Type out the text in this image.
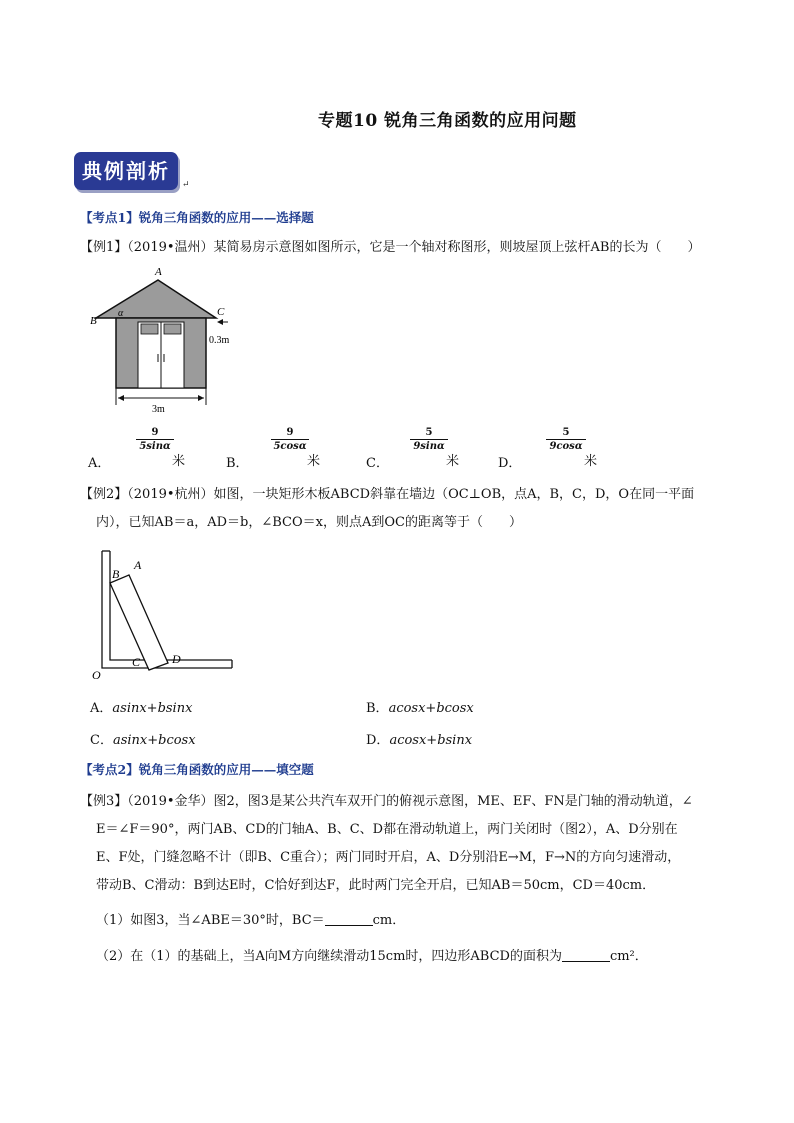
专题10 锐角三角函数的应用问题
典例剖析
↵
【考点1】锐角三角函数的应用——选择题
【例1】（2019•温州）某简易房示意图如图所示，它是一个轴对称图形，则坡屋顶上弦杆AB的长为（　　）
A
B
C
α
0.3m
3m
A．
$\frac{9}{5\sin\alpha}$
米	B．
$\frac{9}{5\cos\alpha}$
米	C．
$\frac{5}{9\sin\alpha}$
米	D．
$\frac{5}{9\cos\alpha}$
米
【例2】（2019•杭州）如图，一块矩形木板ABCD斜靠在墙边（OC⊥OB，点A，B，C，D，O在同一平面
内），已知AB＝a，AD＝b，∠BCO＝x，则点A到OC的距离等于（　　）
B
A
C	D
O
A．asinx+bsinx	B．acosx+bcosx
C．asinx+bcosx	D．acosx+bsinx
【考点2】锐角三角函数的应用——填空题
【例3】（2019•金华）图2，图3是某公共汽车双开门的俯视示意图，ME、EF、FN是门轴的滑动轨道，∠
E＝∠F＝90°，两门AB、CD的门轴A、B、C、D都在滑动轨道上，两门关闭时（图2），A、D分别在
E、F处，门缝忽略不计（即B、C重合）；两门同时开启，A、D分别沿E→M，F→N的方向匀速滑动，
带动B、C滑动：B到达E时，C恰好到达F，此时两门完全开启，已知AB＝50cm，CD＝40cm．
（1）如图3，当∠ABE＝30°时，BC＝	cm．
（2）在（1）的基础上，当A向M方向继续滑动15cm时，四边形ABCD的面积为	cm²．
